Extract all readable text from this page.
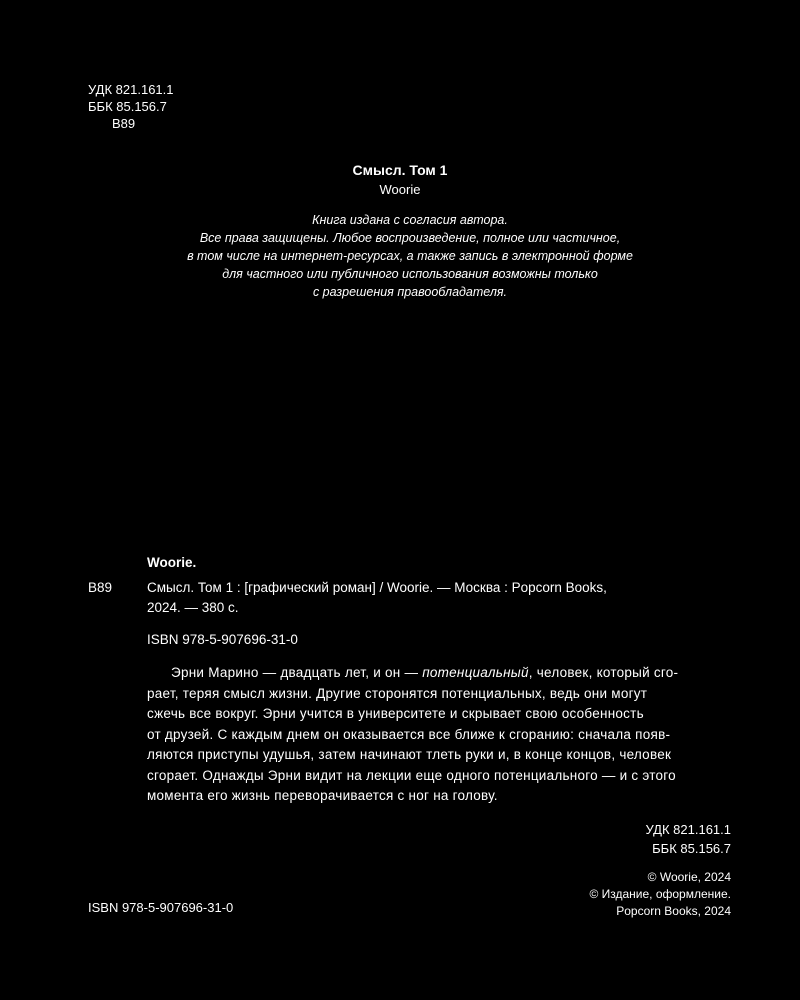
УДК 821.161.1
ББК 85.156.7
В89
Смысл. Том 1
Woorie
Книга издана с согласия автора.
Все права защищены. Любое воспроизведение, полное или частичное,
в том числе на интернет-ресурсах, а также запись в электронной форме
для частного или публичного использования возможны только
с разрешения правообладателя.
Woorie.
В89	Смысл. Том 1 : [графический роман] / Woorie. — Москва : Popcorn Books,
2024. — 380 с.
ISBN 978-5-907696-31-0
Эрни Марино — двадцать лет, и он — потенциальный, человек, который сго-
рает, теряя смысл жизни. Другие сторонятся потенциальных, ведь они могут
сжечь все вокруг. Эрни учится в университете и скрывает свою особенность
от друзей. С каждым днем он оказывается все ближе к сгоранию: сначала появ-
ляются приступы удушья, затем начинают тлеть руки и, в конце концов, человек
сгорает. Однажды Эрни видит на лекции еще одного потенциального — и с этого
момента его жизнь переворачивается с ног на голову.
УДК 821.161.1
ББК 85.156.7
© Woorie, 2024
© Издание, оформление.
Popcorn Books, 2024
ISBN 978-5-907696-31-0
